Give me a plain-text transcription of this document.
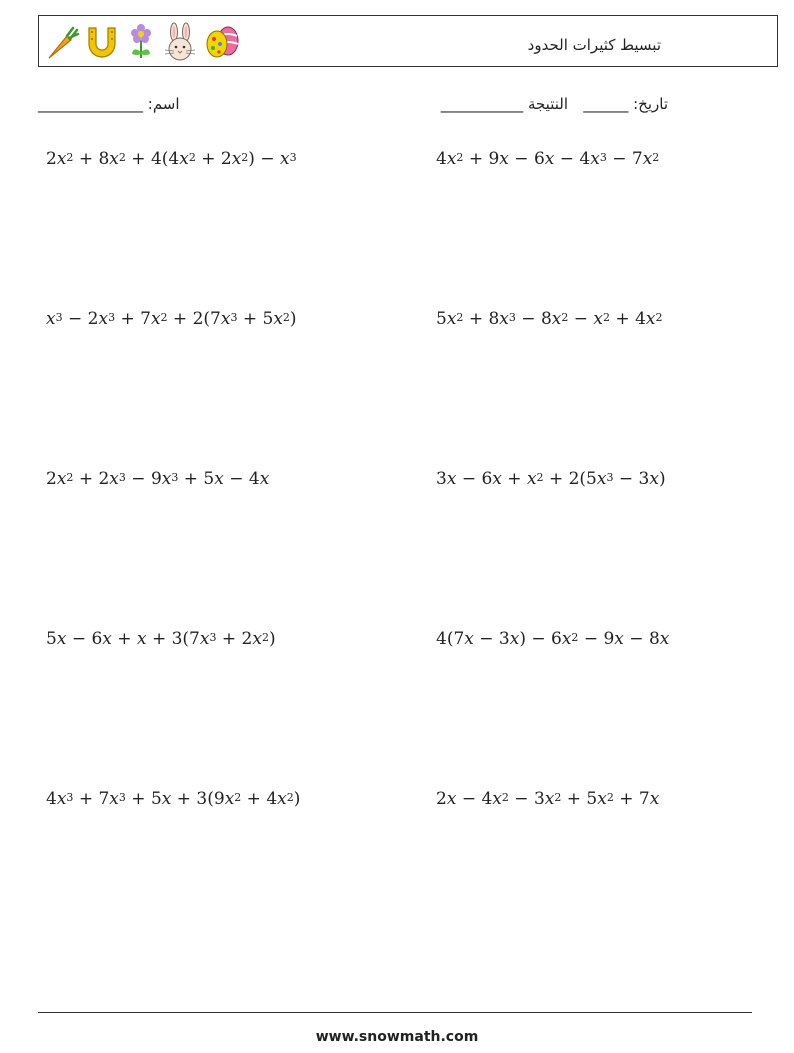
تبسيط كثيرات الحدود
اسم: ______________	تاريخ: ______
النتيجة ___________
$2x^2 + 8x^2 + 4(4x^2 + 2x^2) - x^3$	$4x^2 + 9x - 6x - 4x^3 - 7x^2$
$x^3 - 2x^3 + 7x^2 + 2(7x^3 + 5x^2)$	$5x^2 + 8x^3 - 8x^2 - x^2 + 4x^2$
$2x^2 + 2x^3 - 9x^3 + 5x - 4x$	$3x - 6x + x^2 + 2(5x^3 - 3x)$
$5x - 6x + x + 3(7x^3 + 2x^2)$	$4(7x - 3x) - 6x^2 - 9x - 8x$
$4x^3 + 7x^3 + 5x + 3(9x^2 + 4x^2)$	$2x - 4x^2 - 3x^2 + 5x^2 + 7x$
www.snowmath.com
